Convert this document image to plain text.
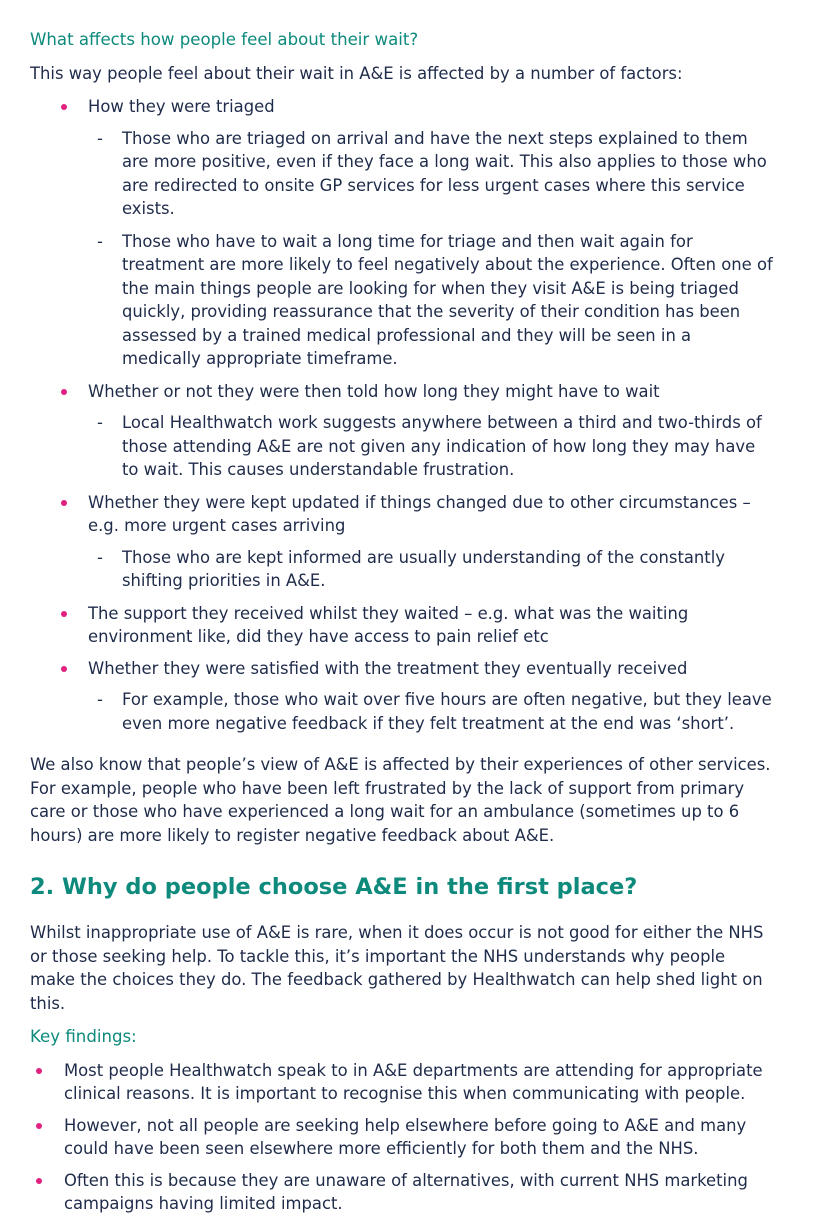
What affects how people feel about their wait?

This way people feel about their wait in A&E is affected by a number of factors:

How they were triaged
- Those who are triaged on arrival and have the next steps explained to them are more positive, even if they face a long wait. This also applies to those who are redirected to onsite GP services for less urgent cases where this service exists.
- Those who have to wait a long time for triage and then wait again for treatment are more likely to feel negatively about the experience. Often one of the main things people are looking for when they visit A&E is being triaged quickly, providing reassurance that the severity of their condition has been assessed by a trained medical professional and they will be seen in a medically appropriate timeframe.
Whether or not they were then told how long they might have to wait
- Local Healthwatch work suggests anywhere between a third and two-thirds of those attending A&E are not given any indication of how long they may have to wait. This causes understandable frustration.
Whether they were kept updated if things changed due to other circumstances – e.g. more urgent cases arriving
- Those who are kept informed are usually understanding of the constantly shifting priorities in A&E.
The support they received whilst they waited – e.g. what was the waiting environment like, did they have access to pain relief etc
Whether they were satisfied with the treatment they eventually received
- For example, those who wait over five hours are often negative, but they leave even more negative feedback if they felt treatment at the end was ‘short’.

We also know that people’s view of A&E is affected by their experiences of other services. For example, people who have been left frustrated by the lack of support from primary care or those who have experienced a long wait for an ambulance (sometimes up to 6 hours) are more likely to register negative feedback about A&E.

2. Why do people choose A&E in the first place?

Whilst inappropriate use of A&E is rare, when it does occur is not good for either the NHS or those seeking help. To tackle this, it’s important the NHS understands why people make the choices they do. The feedback gathered by Healthwatch can help shed light on this.

Key findings:
Most people Healthwatch speak to in A&E departments are attending for appropriate clinical reasons. It is important to recognise this when communicating with people.
However, not all people are seeking help elsewhere before going to A&E and many could have been seen elsewhere more efficiently for both them and the NHS.
Often this is because they are unaware of alternatives, with current NHS marketing campaigns having limited impact.
